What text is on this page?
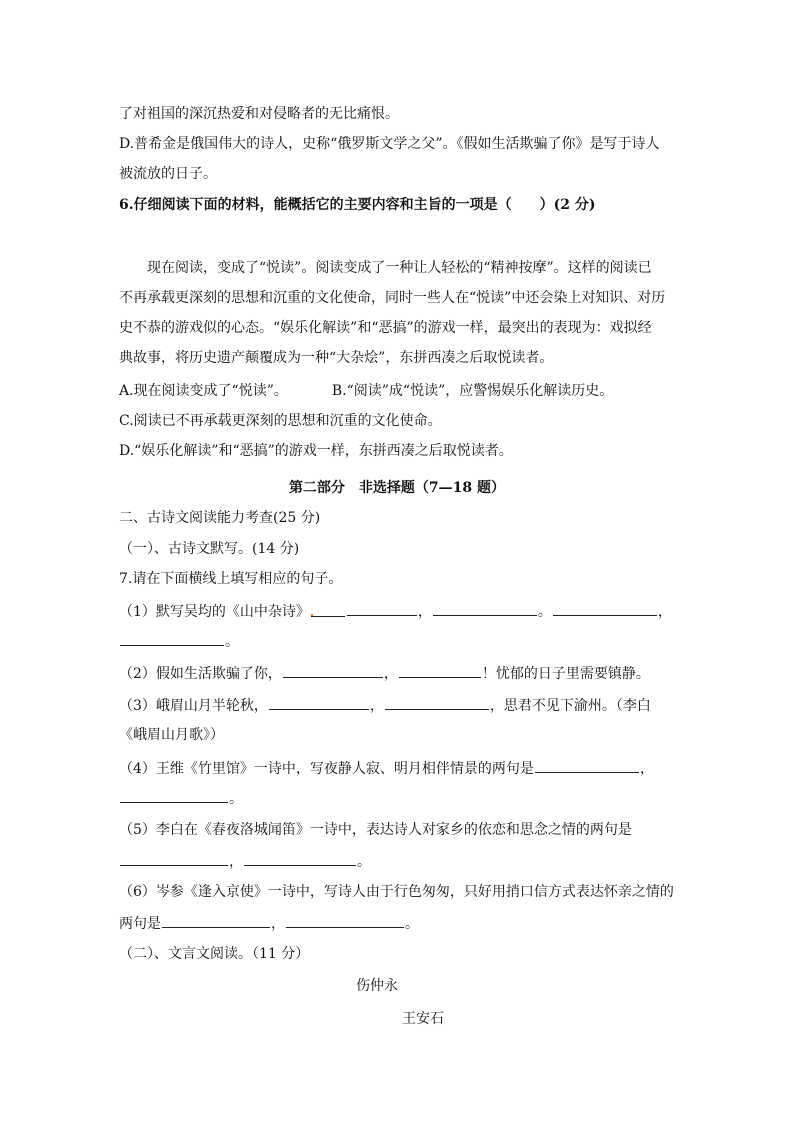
了对祖国的深沉热爱和对侵略者的无比痛恨。
D.普希金是俄国伟大的诗人，史称“俄罗斯文学之父”。《假如生活欺骗了你》是写于诗人
被流放的日子。
6.仔细阅读下面的材料，能概括它的主要内容和主旨的一项是（　　）(2 分)
现在阅读，变成了“悦读”。阅读变成了一种让人轻松的“精神按摩”。这样的阅读已
不再承载更深刻的思想和沉重的文化使命，同时一些人在“悦读”中还会染上对知识、对历
史不恭的游戏似的心态。“娱乐化解读”和“恶搞”的游戏一样，最突出的表现为：戏拟经
典故事，将历史遗产颠覆成为一种“大杂烩”，东拼西凑之后取悦读者。
A.现在阅读变成了“悦读”。	B.“阅读”成“悦读”，应警惕娱乐化解读历史。
C.阅读已不再承载更深刻的思想和沉重的文化使命。
D.“娱乐化解读”和“恶搞”的游戏一样，东拼西凑之后取悦读者。
第二部分　非选择题（7—18 题）
二、古诗文阅读能力考查(25 分)
（一）、古诗文默写。(14 分)
7.请在下面横线上填写相应的句子。
（1）默写吴均的《山中杂诗》	，	。	，
。
（2）假如生活欺骗了你，	，	！忧郁的日子里需要镇静。
（3）峨眉山月半轮秋，	，	，思君不见下渝州。（李白
《峨眉山月歌》）
（4）王维《竹里馆》一诗中，写夜静人寂、明月相伴情景的两句是	，
。
（5）李白在《春夜洛城闻笛》一诗中，表达诗人对家乡的依恋和思念之情的两句是
，	。
（6）岑参《逢入京使》一诗中，写诗人由于行色匆匆，只好用捎口信方式表达怀亲之情的
两句是	，	。
（二）、文言文阅读。（11 分）
伤仲永
王安石
